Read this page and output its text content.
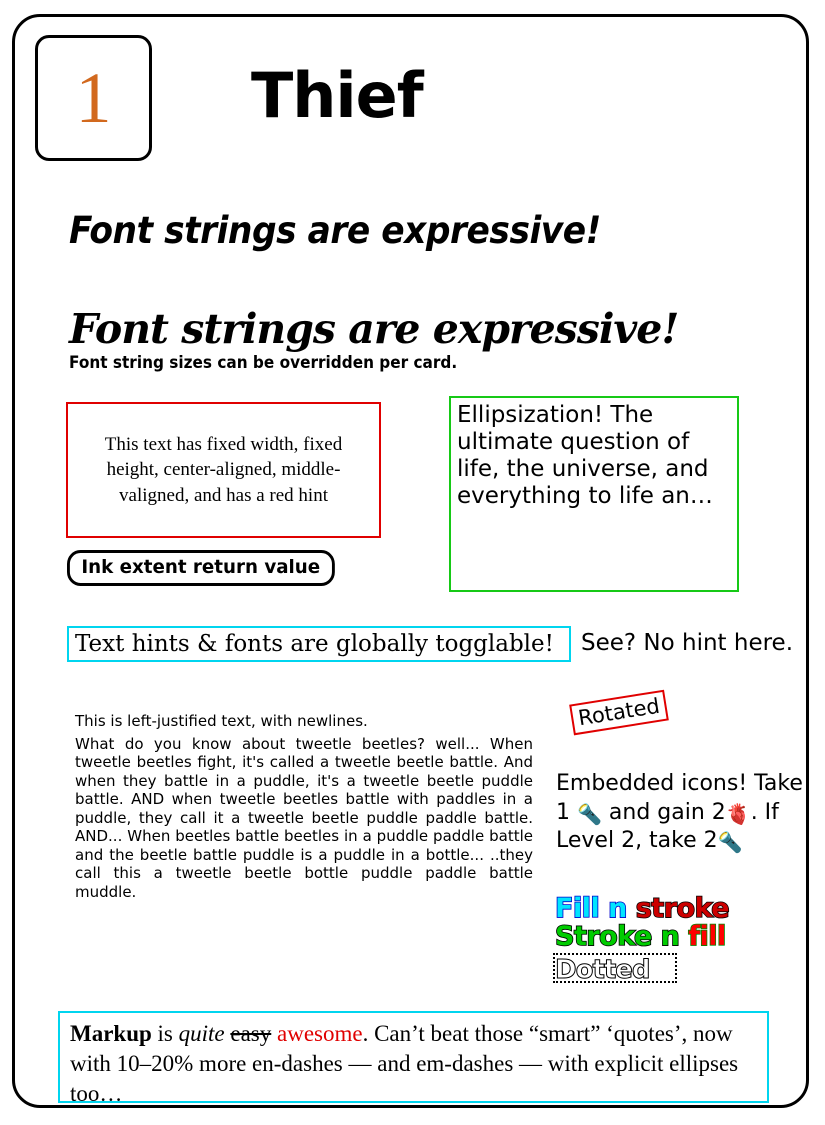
1 Thief
Font strings are expressive!
Font strings are expressive!
Font string sizes can be overridden per card.
This text has fixed width, fixed height, center-aligned, middle-valigned, and has a red hint
Ellipsization! The ultimate question of life, the universe, and everything to life an…
Ink extent return value
Text hints & fonts are globally togglable! See? No hint here.
This is left-justified text, with newlines.
What do you know about tweetle beetles? well... When tweetle beetles fight, it's called a tweetle beetle battle. And when they battle in a puddle, it's a tweetle beetle puddle battle. AND when tweetle beetles battle with paddles in a puddle, they call it a tweetle beetle puddle paddle battle. AND... When beetles battle beetles in a puddle paddle battle and the beetle battle puddle is a puddle in a bottle... ..they call this a tweetle beetle bottle puddle paddle battle muddle.
Rotated
Embedded icons! Take 1 🔦 and gain 2🫀. If Level 2, take 2🔦
Fill n stroke
Stroke n fill
Dotted
Markup is quite easy awesome. Can’t beat those “smart” ‘quotes’, now with 10–20% more en-dashes — and em-dashes — with explicit ellipses too…
